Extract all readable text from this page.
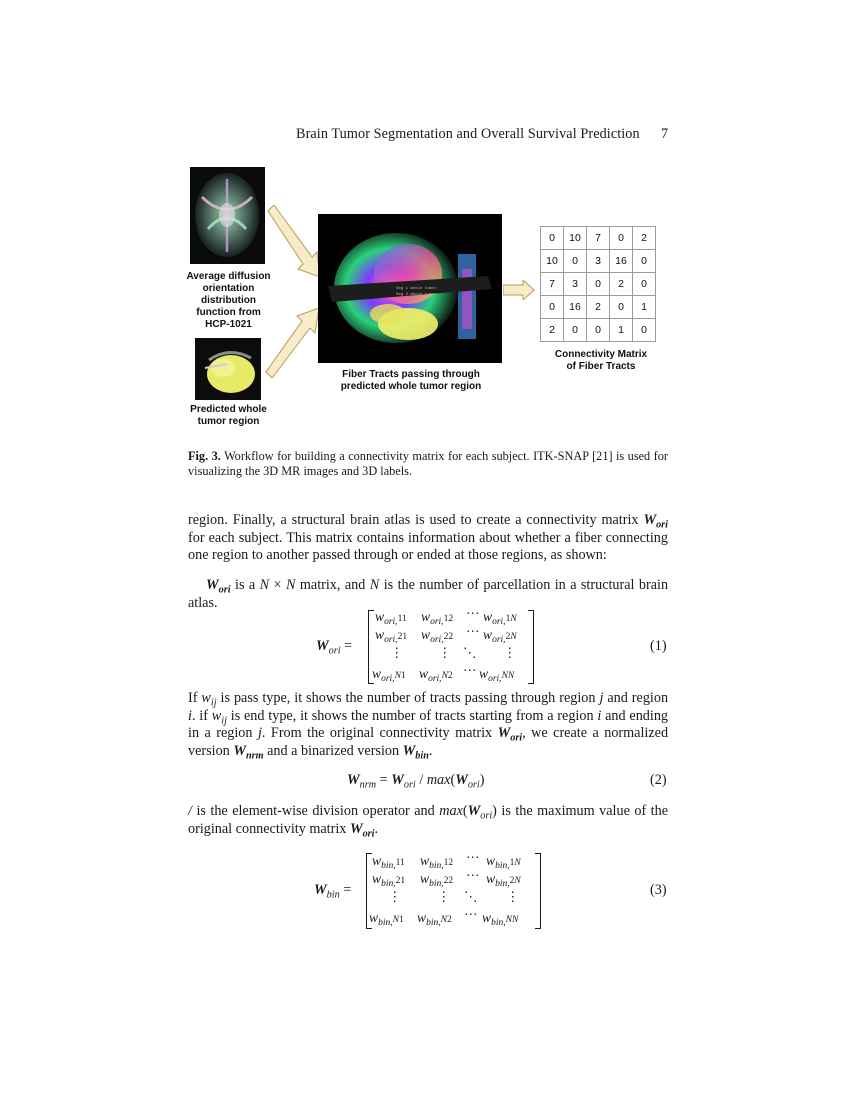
Brain Tumor Segmentation and Overall Survival Prediction 7
Average diffusion
orientation
distribution
function from
HCP-1021
Predicted whole
tumor region
Seg 1 whole tumor
Seg 2 whole tumor
Fiber Tracts passing through
predicted whole tumor region
0	10	7	0	2
10	0	3	16	0
7	3	0	2	0
0	16	2	0	1
2	0	0	1	0
Connectivity Matrix
of Fiber Tracts
Fig. 3. Workflow for building a connectivity matrix for each subject. ITK-SNAP [21] is used for visualizing the 3D MR images and 3D labels.
region. Finally, a structural brain atlas is used to create a connectivity matrix $W_{ori}$ for each subject. This matrix contains information about whether a fiber connecting one region to another passed through or ended at those regions, as shown:
$W_{ori}$ is a N × N matrix, and N is the number of parcellation in a structural brain atlas.
$W_{ori}$ =
$w_{ori,}11$ $w_{ori,}12$ ··· $w_{ori,}1N$
$w_{ori,}21$ $w_{ori,}22$ ··· $w_{ori,}2N$
⋮	⋮ ⋱ ⋮
$w_{ori,}N1$ $w_{ori,}N2$ ··· $w_{ori,}NN$
(1)
If $w_{ij}$ is pass type, it shows the number of tracts passing through region j and region i. if $w_{ij}$ is end type, it shows the number of tracts starting from a region i and ending in a region j. From the original connectivity matrix $W_{ori}$, we create a normalized version $W_{nrm}$ and a binarized version $W_{bin}$.
$W_{nrm} = W_{ori} / \max(W_{ori})$	(2)
/ is the element-wise division operator and $\max(W_{ori})$ is the maximum value of the original connectivity matrix $W_{ori}$.
$W_{bin}$ =
$w_{bin,}11$ $w_{bin,}12$ ··· $w_{bin,}1N$
$w_{bin,}21$ $w_{bin,}22$ ··· $w_{bin,}2N$
⋮	⋮ ⋱ ⋮
$w_{bin,}N1$ $w_{bin,}N2$ ··· $w_{bin,}NN$
(3)
